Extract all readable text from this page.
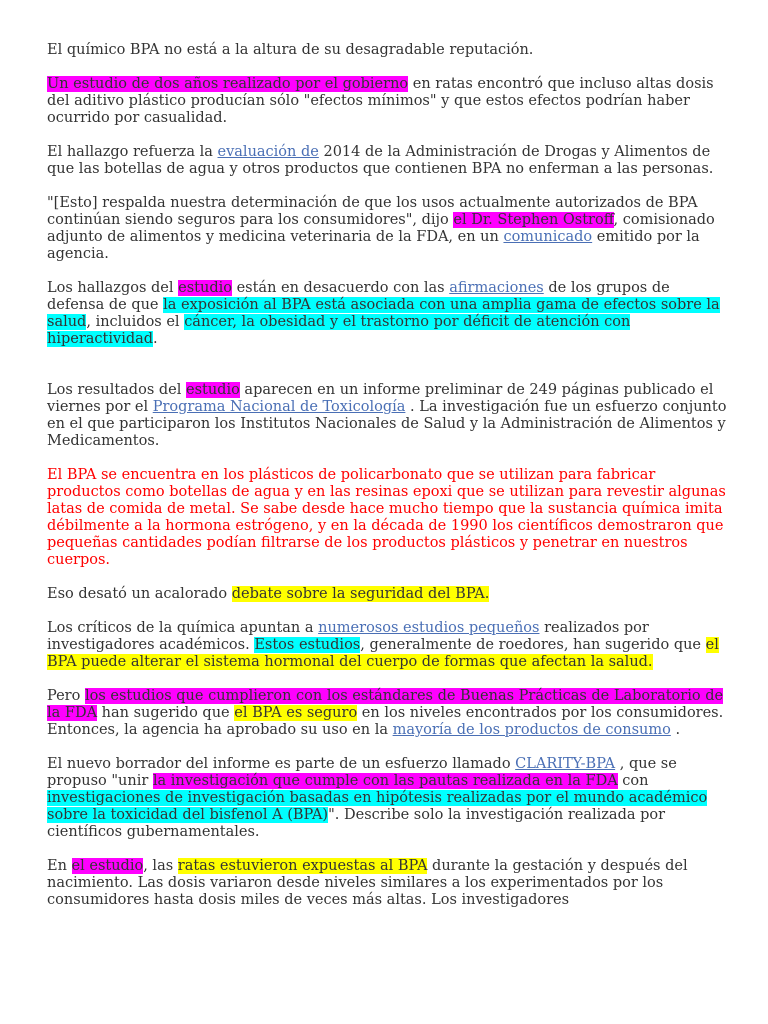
El químico BPA no está a la altura de su desagradable reputación.

Un estudio de dos años realizado por el gobierno en ratas encontró que incluso altas dosis del aditivo plástico producían sólo "efectos mínimos" y que estos efectos podrían haber ocurrido por casualidad.

El hallazgo refuerza la evaluación de 2014 de la Administración de Drogas y Alimentos de que las botellas de agua y otros productos que contienen BPA no enferman a las personas.

"[Esto] respalda nuestra determinación de que los usos actualmente autorizados de BPA continúan siendo seguros para los consumidores", dijo el Dr. Stephen Ostroff, comisionado adjunto de alimentos y medicina veterinaria de la FDA, en un comunicado emitido por la agencia.

Los hallazgos del estudio están en desacuerdo con las afirmaciones de los grupos de defensa de que la exposición al BPA está asociada con una amplia gama de efectos sobre la salud, incluidos el cáncer, la obesidad y el trastorno por déficit de atención con hiperactividad.

Los resultados del estudio aparecen en un informe preliminar de 249 páginas publicado el viernes por el Programa Nacional de Toxicología . La investigación fue un esfuerzo conjunto en el que participaron los Institutos Nacionales de Salud y la Administración de Alimentos y Medicamentos.

El BPA se encuentra en los plásticos de policarbonato que se utilizan para fabricar productos como botellas de agua y en las resinas epoxi que se utilizan para revestir algunas latas de comida de metal. Se sabe desde hace mucho tiempo que la sustancia química imita débilmente a la hormona estrógeno, y en la década de 1990 los científicos demostraron que pequeñas cantidades podían filtrarse de los productos plásticos y penetrar en nuestros cuerpos.

Eso desató un acalorado debate sobre la seguridad del BPA.

Los críticos de la química apuntan a numerosos estudios pequeños realizados por investigadores académicos. Estos estudios, generalmente de roedores, han sugerido que el BPA puede alterar el sistema hormonal del cuerpo de formas que afectan la salud.

Pero los estudios que cumplieron con los estándares de Buenas Prácticas de Laboratorio de la FDA han sugerido que el BPA es seguro en los niveles encontrados por los consumidores. Entonces, la agencia ha aprobado su uso en la mayoría de los productos de consumo .

El nuevo borrador del informe es parte de un esfuerzo llamado CLARITY-BPA , que se propuso "unir la investigación que cumple con las pautas realizada en la FDA con investigaciones de investigación basadas en hipótesis realizadas por el mundo académico sobre la toxicidad del bisfenol A (BPA)". Describe solo la investigación realizada por científicos gubernamentales.

En el estudio, las ratas estuvieron expuestas al BPA durante la gestación y después del nacimiento. Las dosis variaron desde niveles similares a los experimentados por los consumidores hasta dosis miles de veces más altas. Los investigadores
